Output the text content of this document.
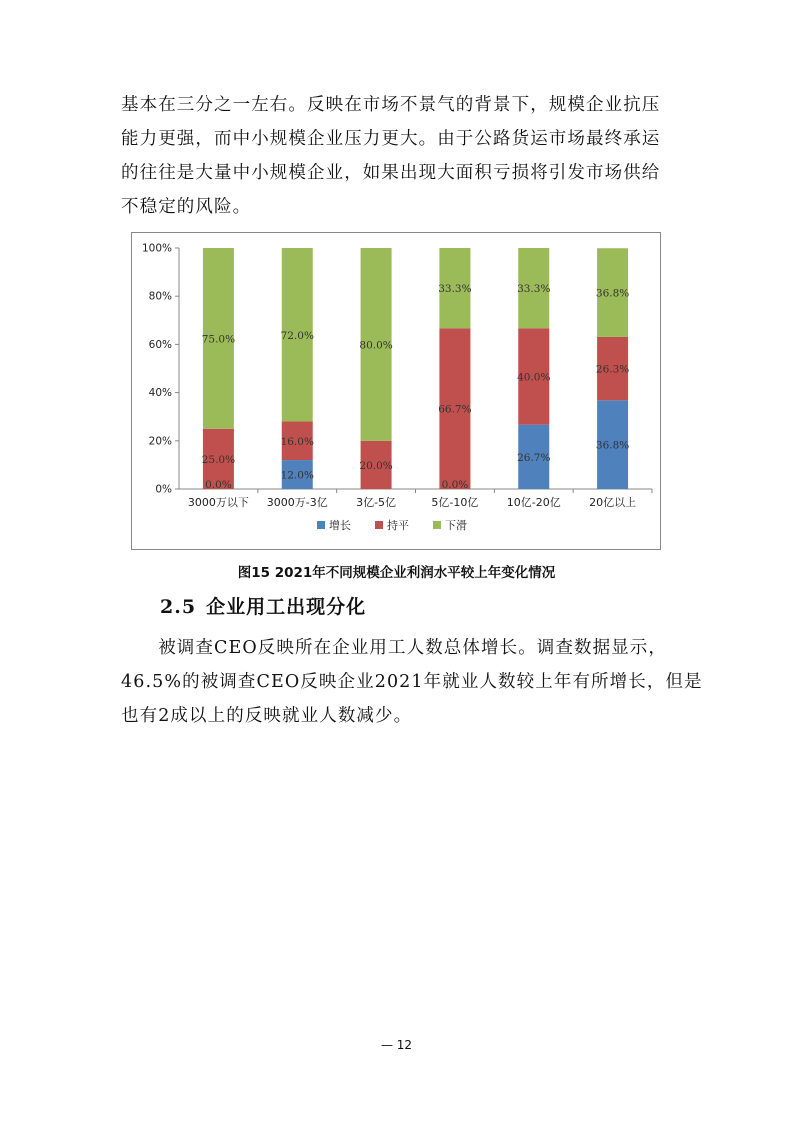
基本在三分之一左右。反映在市场不景气的背景下，规模企业抗压

能力更强，而中小规模企业压力更大。由于公路货运市场最终承运

的往往是大量中小规模企业，如果出现大面积亏损将引发市场供给

不稳定的风险。

0%
20%
40%
60%
80%
100%
3000万以下 3000万-3亿	3亿-5亿	5亿-10亿	10亿-20亿	20亿以上
0.0%
25.0%
75.0%
12.0%
16.0%
72.0%
20.0%
80.0%
0.0%
66.7%
33.3%
26.7%
40.0%
33.3%
36.8%
26.3%
36.8%
增长	持平	下滑
图15 2021年不同规模企业利润水平较上年变化情况
2.5 企业用工出现分化

　　被调查CEO反映所在企业用工人数总体增长。调查数据显示，

46.5%的被调查CEO反映企业2021年就业人数较上年有所增长，但是

也有2成以上的反映就业人数减少。

— 12
